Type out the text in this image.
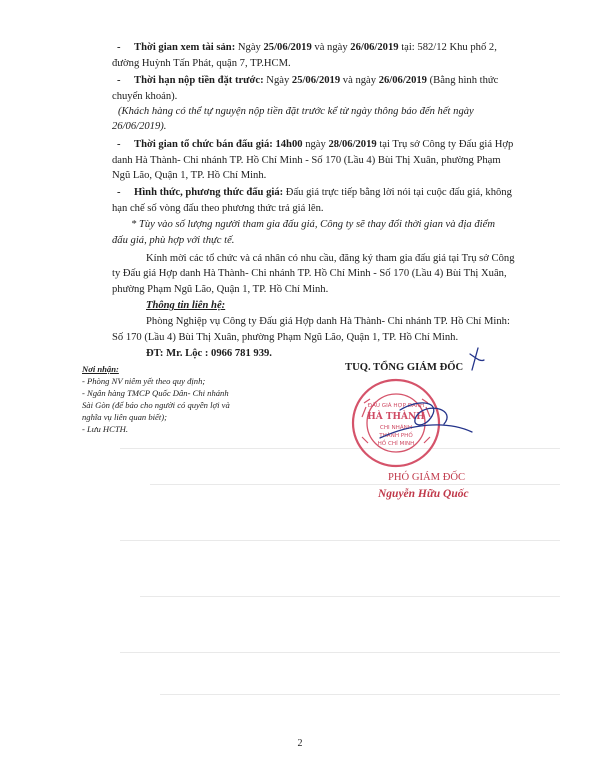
- Thời gian xem tài sản: Ngày 25/06/2019 và ngày 26/06/2019 tại: 582/12 Khu phố 2,
đường Huỳnh Tấn Phát, quận 7, TP.HCM.
- Thời hạn nộp tiền đặt trước: Ngày 25/06/2019 và ngày 26/06/2019 (Bằng hình thức
chuyển khoản).
(Khách hàng có thể tự nguyện nộp tiền đặt trước kể từ ngày thông báo đến hết ngày
26/06/2019).
- Thời gian tổ chức bán đấu giá: 14h00 ngày 28/06/2019 tại Trụ sở Công ty Đấu giá Hợp
danh Hà Thành- Chi nhánh TP. Hồ Chí Minh - Số 170 (Lầu 4) Bùi Thị Xuân, phường Phạm
Ngũ Lão, Quận 1, TP. Hồ Chí Minh.
- Hình thức, phương thức đấu giá: Đấu giá trực tiếp bằng lời nói tại cuộc đấu giá, không
hạn chế số vòng đấu theo phương thức trả giá lên.
* Tùy vào số lượng người tham gia đấu giá, Công ty sẽ thay đổi thời gian và địa điểm
đấu giá, phù hợp với thực tế.
Kính mời các tổ chức và cá nhân có nhu cầu, đăng ký tham gia đấu giá tại Trụ sở Công
ty Đấu giá Hợp danh Hà Thành- Chi nhánh TP. Hồ Chí Minh - Số 170 (Lầu 4) Bùi Thị Xuân,
phường Phạm Ngũ Lão, Quận 1, TP. Hồ Chí Minh.
Thông tin liên hệ:
Phòng Nghiệp vụ Công ty Đấu giá Hợp danh Hà Thành- Chi nhánh TP. Hồ Chí Minh:
Số 170 (Lầu 4) Bùi Thị Xuân, phường Phạm Ngũ Lão, Quận 1, TP. Hồ Chí Minh.
ĐT: Mr. Lộc : 0966 781 939.
Nơi nhận:
- Phòng NV niêm yết theo quy định;
- Ngân hàng TMCP Quốc Dân- Chi nhánh
Sài Gòn (để báo cho người có quyền lợi và
nghĩa vụ liên quan biết);
- Lưu HCTH.
TUQ. TỔNG GIÁM ĐỐC
ĐẤU GIÁ HỢP DANH
HÀ THÀNH
CHI NHÁNH
THÀNH PHỐ
HỒ CHÍ MINH
PHÓ GIÁM ĐỐC
Nguyễn Hữu Quốc
2
